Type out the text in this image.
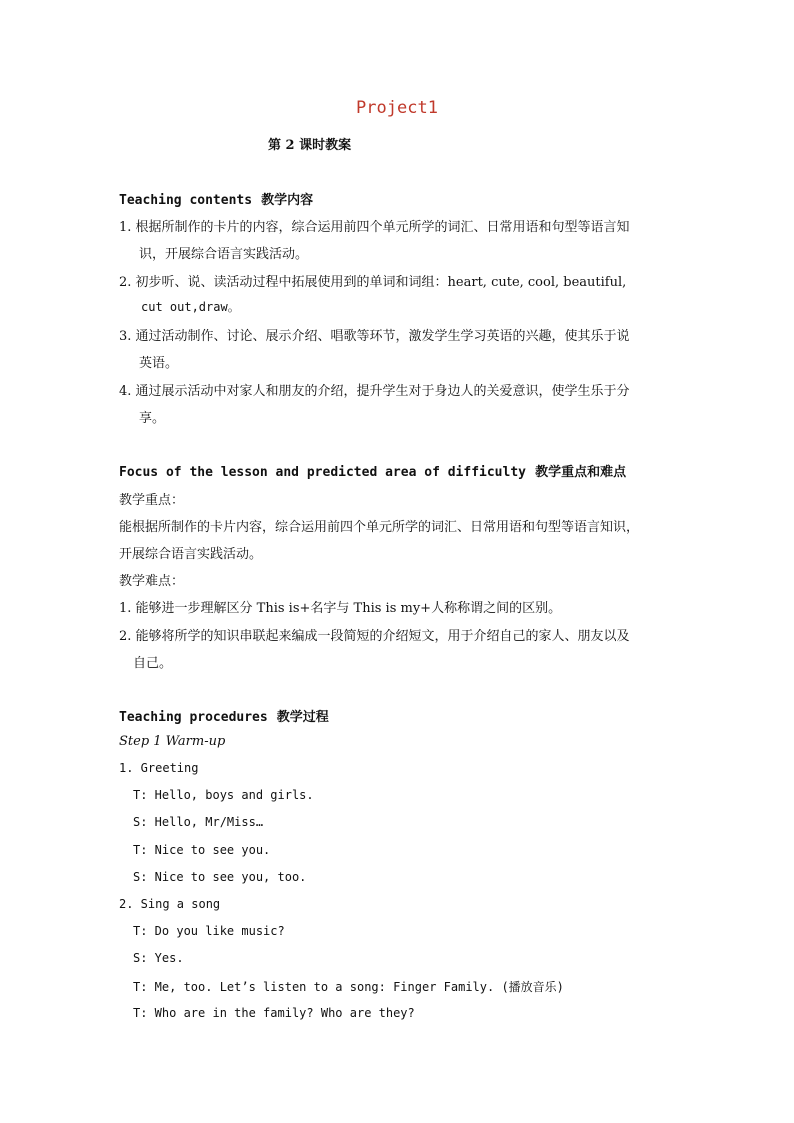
Project1
第 2 课时教案
Teaching contents 教学内容
1. 根据所制作的卡片的内容，综合运用前四个单元所学的词汇、日常用语和句型等语言知
识，开展综合语言实践活动。
2. 初步听、说、读活动过程中拓展使用到的单词和词组：heart, cute, cool, beautiful,
cut out,draw。
3. 通过活动制作、讨论、展示介绍、唱歌等环节，激发学生学习英语的兴趣，使其乐于说
英语。
4. 通过展示活动中对家人和朋友的介绍，提升学生对于身边人的关爱意识，使学生乐于分
享。
Focus of the lesson and predicted area of difficulty 教学重点和难点
教学重点：
能根据所制作的卡片内容，综合运用前四个单元所学的词汇、日常用语和句型等语言知识，
开展综合语言实践活动。
教学难点：
1. 能够进一步理解区分 This is+名字与 This is my+人称称谓之间的区别。
2. 能够将所学的知识串联起来编成一段简短的介绍短文，用于介绍自己的家人、朋友以及
自己。
Teaching procedures 教学过程
Step 1 Warm-up
1. Greeting
T: Hello, boys and girls.
S: Hello, Mr/Miss…
T: Nice to see you.
S: Nice to see you, too.
2. Sing a song
T: Do you like music?
S: Yes.
T: Me, too. Let’s listen to a song: Finger Family. (播放音乐)
T: Who are in the family? Who are they?
